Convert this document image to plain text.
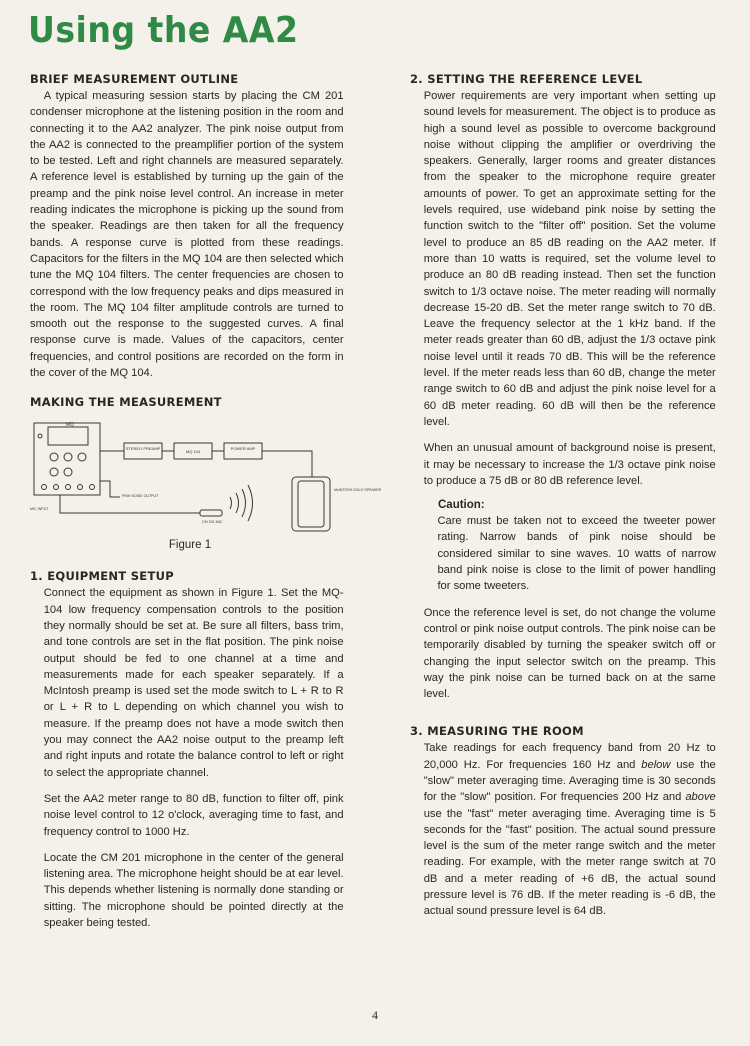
Using the AA2
BRIEF MEASUREMENT OUTLINE

A typical measuring session starts by placing the CM 201 condenser microphone at the listening position in the room and connecting it to the AA2 analyzer. The pink noise output from the AA2 is connected to the preamplifier portion of the system to be tested. Left and right channels are measured separately. A reference level is established by turning up the gain of the preamp and the pink noise level control. An increase in meter reading indicates the microphone is picking up the sound from the speaker. Readings are then taken for all the frequency bands. A response curve is plotted from these readings. Capacitors for the filters in the MQ 104 are then selected which tune the MQ 104 filters. The center frequencies are chosen to correspond with the low frequency peaks and dips measured in the room. The MQ 104 filter amplitude controls are turned to smooth out the response to the suggested curves. A final response curve is made. Values of the capacitors, center frequencies, and control positions are recorded on the form in the cover of the MQ 104.

MAKING THE MEASUREMENT
MQ
STEREO PREAMP
MQ 104
POWER AMP
PINK NOISE OUTPUT
MIC INPUT
CM 201 MIC
McINTOSH SOLO SPEAKER
Figure 1
1. EQUIPMENT SETUP

Connect the equipment as shown in Figure 1. Set the MQ-104 low frequency compensation controls to the position they normally should be set at. Be sure all filters, bass trim, and tone controls are set in the flat position. The pink noise output should be fed to one channel at a time and measurements made for each speaker separately. If a McIntosh preamp is used set the mode switch to L + R to R or L + R to L depending on which channel you wish to measure. If the preamp does not have a mode switch then you may connect the AA2 noise output to the preamp left and right inputs and rotate the balance control to left or right to select the appropriate channel.

Set the AA2 meter range to 80 dB, function to filter off, pink noise level control to 12 o'clock, averaging time to fast, and frequency control to 1000 Hz.

Locate the CM 201 microphone in the center of the general listening area. The microphone height should be at ear level. This depends whether listening is normally done standing or sitting. The microphone should be pointed directly at the speaker being tested.

2. SETTING THE REFERENCE LEVEL

Power requirements are very important when setting up sound levels for measurement. The object is to produce as high a sound level as possible to overcome background noise without clipping the amplifier or overdriving the speakers. Generally, larger rooms and greater distances from the speaker to the microphone require greater amounts of power. To get an approximate setting for the levels required, use wideband pink noise by setting the function switch to the "filter off" position. Set the volume level to produce an 85 dB reading on the AA2 meter. If more than 10 watts is required, set the volume level to produce an 80 dB reading instead. Then set the function switch to 1/3 octave noise. The meter reading will normally decrease 15-20 dB. Set the meter range switch to 70 dB. Leave the frequency selector at the 1 kHz band. If the meter reads greater than 60 dB, adjust the 1/3 octave pink noise level until it reads 70 dB. This will be the reference level. If the meter reads less than 60 dB, change the meter range switch to 60 dB and adjust the pink noise level for a 60 dB meter reading. 60 dB will then be the reference level.

When an unusual amount of background noise is present, it may be necessary to increase the 1/3 octave pink noise to produce a 75 dB or 80 dB reference level.

Caution:

Care must be taken not to exceed the tweeter power rating. Narrow bands of pink noise should be considered similar to sine waves. 10 watts of narrow band pink noise is close to the limit of power handling for some tweeters.

Once the reference level is set, do not change the volume control or pink noise output controls. The pink noise can be temporarily disabled by turning the speaker switch off or changing the input selector switch on the preamp. This way the pink noise can be turned back on at the same level.

3. MEASURING THE ROOM

Take readings for each frequency band from 20 Hz to 20,000 Hz. For frequencies 160 Hz and below use the "slow" meter averaging time. Averaging time is 30 seconds for the "slow" position. For frequencies 200 Hz and above use the "fast" meter averaging time. Averaging time is 5 seconds for the "fast" position. The actual sound pressure level is the sum of the meter range switch and the meter reading. For example, with the meter range switch at 70 dB and a meter reading of +6 dB, the actual sound pressure level is 76 dB. If the meter reading is -6 dB, the actual sound pressure level is 64 dB.

4
